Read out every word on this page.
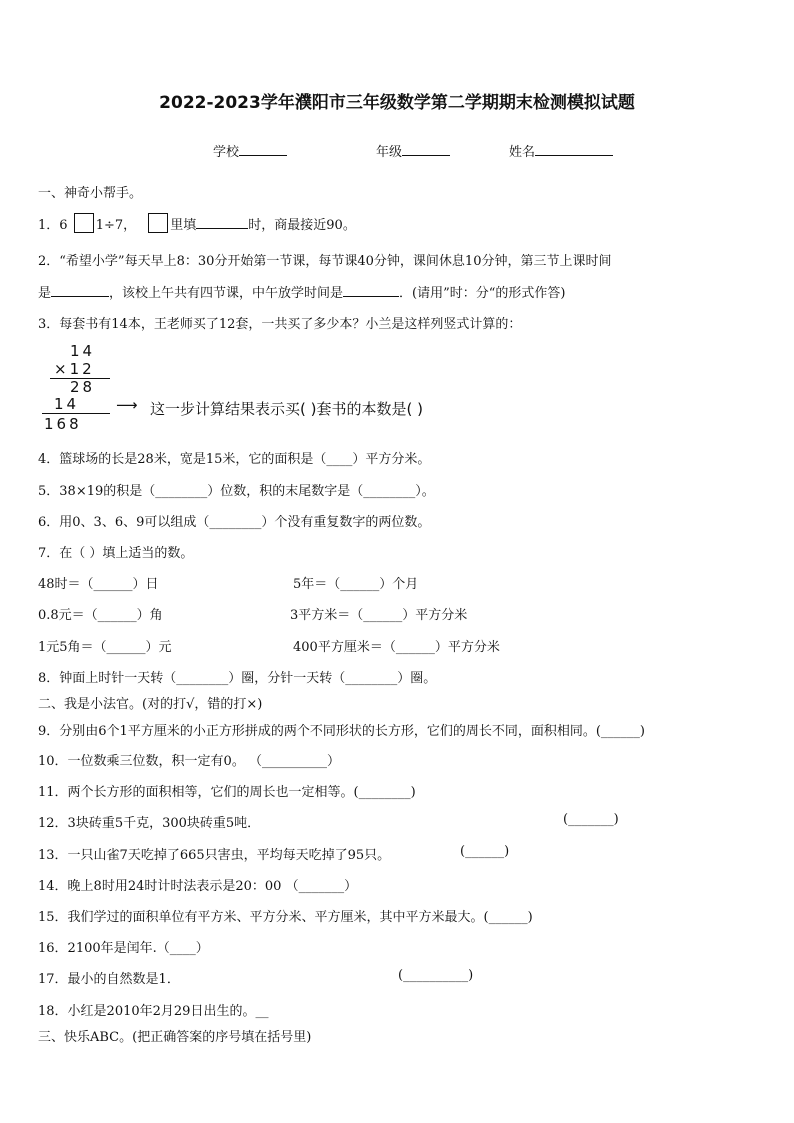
2022-2023学年濮阳市三年级数学第二学期期末检测模拟试题
学校	年级	姓名
一、神奇小帮手。
1．6 1÷7，	里填	时，商最接近90。
2．“希望小学”每天早上8：30分开始第一节课，每节课40分钟，课间休息10分钟，第三节上课时间
是	，该校上午共有四节课，中午放学时间是	．(请用”时：分“的形式作答)
3．每套书有14本，王老师买了12套，一共买了多少本？小兰是这样列竖式计算的：
14
×12
28
14 ⟶ 这一步计算结果表示买( )套书的本数是( )
168
4．篮球场的长是28米，宽是15米，它的面积是（____）平方分米。
5．38×19的积是（________）位数，积的末尾数字是（________）。
6．用0、3、6、9可以组成（________）个没有重复数字的两位数。
7．在（ ）填上适当的数。
48时＝（______）日	5年＝（______）个月
0.8元＝（______）角	3平方米＝（______）平方分米
1元5角＝（______）元	400平方厘米＝（______）平方分米
8．钟面上时针一天转（________）圈，分针一天转（________）圈。
二、我是小法官。(对的打√，错的打×)
9．分别由6个1平方厘米的小正方形拼成的两个不同形状的长方形，它们的周长不同，面积相同。(______)
10．一位数乘三位数，积一定有0。 （__________）
11．两个长方形的面积相等，它们的周长也一定相等。(________)
12．3块砖重5千克，300块砖重5吨．	(_______)
13．一只山雀7天吃掉了665只害虫，平均每天吃掉了95只。	(______)
14．晚上8时用24时计时法表示是20：00 （_______）
15．我们学过的面积单位有平方米、平方分米、平方厘米，其中平方米最大。(______)
16．2100年是闰年.（____）
17．最小的自然数是1．	(__________)
18．小红是2010年2月29日出生的。__
三、快乐ABC。(把正确答案的序号填在括号里)
